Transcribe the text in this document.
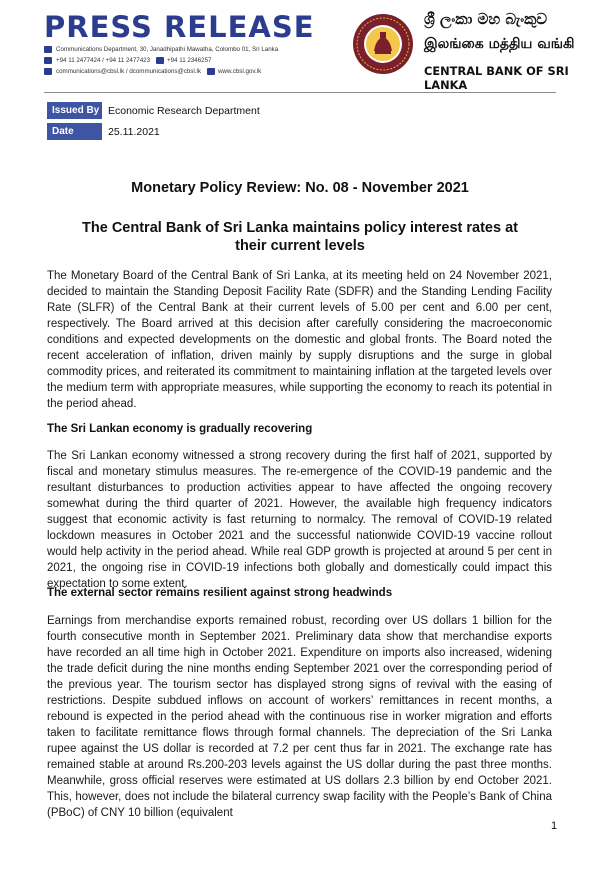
PRESS RELEASE
Communications Department, 30, Janadhipathi Mawatha, Colombo 01, Sri Lanka
+94 11 2477424 / +94 11 2477423	+94 11 2346257
communications@cbsl.lk / dcommunications@cbsl.lk	www.cbsl.gov.lk
ශ්‍රී ලංකා මහ බැංකුව
இலங்கை மத்திய வங்கி
CENTRAL BANK OF SRI LANKA
Issued By Economic Research Department
Date	25.11.2021
Monetary Policy Review: No. 08 - November 2021
The Central Bank of Sri Lanka maintains policy interest rates at their current levels

The Monetary Board of the Central Bank of Sri Lanka, at its meeting held on 24 November 2021, decided to maintain the Standing Deposit Facility Rate (SDFR) and the Standing Lending Facility Rate (SLFR) of the Central Bank at their current levels of 5.00 per cent and 6.00 per cent, respectively. The Board arrived at this decision after carefully considering the macroeconomic conditions and expected developments on the domestic and global fronts. The Board noted the recent acceleration of inflation, driven mainly by supply disruptions and the surge in global commodity prices, and reiterated its commitment to maintaining inflation at the targeted levels over the medium term with appropriate measures, while supporting the economy to reach its potential in the period ahead.

The Sri Lankan economy is gradually recovering

The Sri Lankan economy witnessed a strong recovery during the first half of 2021, supported by fiscal and monetary stimulus measures. The re-emergence of the COVID-19 pandemic and the resultant disturbances to production activities appear to have affected the ongoing recovery somewhat during the third quarter of 2021. However, the available high frequency indicators suggest that economic activity is fast returning to normalcy. The removal of COVID-19 related lockdown measures in October 2021 and the successful nationwide COVID-19 vaccine rollout would help activity in the period ahead. While real GDP growth is projected at around 5 per cent in 2021, the ongoing rise in COVID-19 infections both globally and domestically could impact this expectation to some extent.

The external sector remains resilient against strong headwinds

Earnings from merchandise exports remained robust, recording over US dollars 1 billion for the fourth consecutive month in September 2021. Preliminary data show that merchandise exports have recorded an all time high in October 2021. Expenditure on imports also increased, widening the trade deficit during the nine months ending September 2021 over the corresponding period of the previous year. The tourism sector has displayed strong signs of revival with the easing of restrictions. Despite subdued inflows on account of workers’ remittances in recent months, a rebound is expected in the period ahead with the continuous rise in worker migration and efforts taken to facilitate remittance flows through formal channels. The depreciation of the Sri Lanka rupee against the US dollar is recorded at 7.2 per cent thus far in 2021. The exchange rate has remained stable at around Rs.200-203 levels against the US dollar during the past three months. Meanwhile, gross official reserves were estimated at US dollars 2.3 billion by end October 2021. This, however, does not include the bilateral currency swap facility with the People’s Bank of China (PBoC) of CNY 10 billion (equivalent

1
